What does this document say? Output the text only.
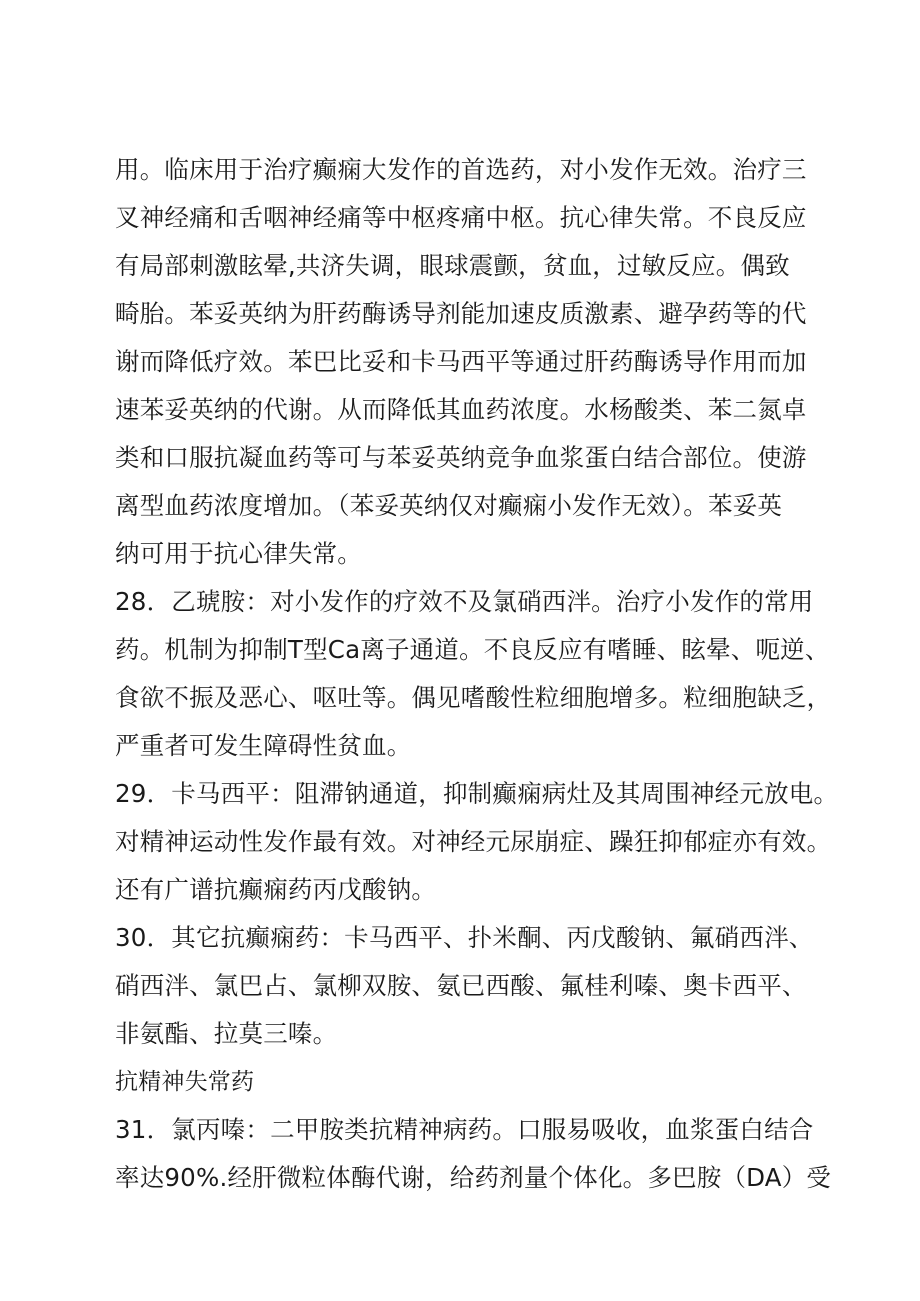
用。临床用于治疗癫痫大发作的首选药，对小发作无效。治疗三
叉神经痛和舌咽神经痛等中枢疼痛中枢。抗心律失常。不良反应
有局部刺激眩晕,共济失调，眼球震颤，贫血，过敏反应。偶致
畸胎。苯妥英纳为肝药酶诱导剂能加速皮质激素、避孕药等的代
谢而降低疗效。苯巴比妥和卡马西平等通过肝药酶诱导作用而加
速苯妥英纳的代谢。从而降低其血药浓度。水杨酸类、苯二氮卓
类和口服抗凝血药等可与苯妥英纳竞争血浆蛋白结合部位。使游
离型血药浓度增加。（苯妥英纳仅对癫痫小发作无效）。苯妥英
纳可用于抗心律失常。
28．乙琥胺：对小发作的疗效不及氯硝西泮。治疗小发作的常用
药。机制为抑制T型Ca离子通道。不良反应有嗜睡、眩晕、呃逆、
食欲不振及恶心、呕吐等。偶见嗜酸性粒细胞增多。粒细胞缺乏，
严重者可发生障碍性贫血。
29．卡马西平：阻滞钠通道，抑制癫痫病灶及其周围神经元放电。
对精神运动性发作最有效。对神经元尿崩症、躁狂抑郁症亦有效。
还有广谱抗癫痫药丙戊酸钠。
30．其它抗癫痫药：卡马西平、扑米酮、丙戊酸钠、氟硝西泮、
硝西泮、氯巴占、氯柳双胺、氨已西酸、氟桂利嗪、奥卡西平、
非氨酯、拉莫三嗪。
抗精神失常药
31．氯丙嗪：二甲胺类抗精神病药。口服易吸收，血浆蛋白结合
率达90%.经肝微粒体酶代谢，给药剂量个体化。多巴胺（DA）受
